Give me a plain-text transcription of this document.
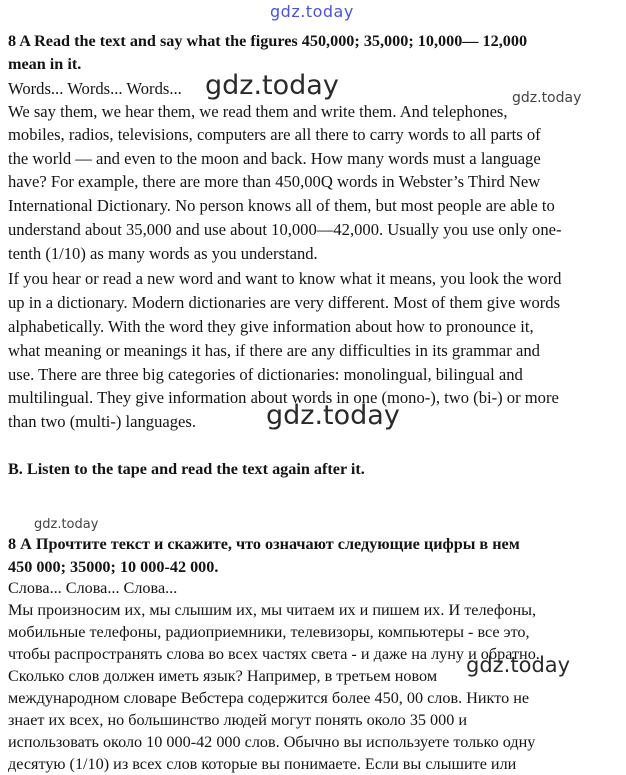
gdz.today
8 A Read the text and say what the figures 450,000; 35,000; 10,000— 12,000
mean in it.
Words... Words... Words... gdz.today	gdz.today
We say them, we hear them, we read them and write them. And telephones,
mobiles, radios, televisions, computers are all there to carry words to all parts of
the world — and even to the moon and back. How many words must a language
have? For example, there are more than 450,00Q words in Webster’s Third New
International Dictionary. No person knows all of them, but most people are able to
understand about 35,000 and use about 10,000—42,000. Usually you use only one-
tenth (1/10) as many words as you understand.
If you hear or read a new word and want to know what it means, you look the word
up in a dictionary. Modern dictionaries are very different. Most of them give words
alphabetically. With the word they give information about how to pronounce it,
what meaning or meanings it has, if there are any difficulties in its grammar and
use. There are three big categories of dictionaries: monolingual, bilingual and
multilingual. They give information about words in one (mono-), two (bi-) or more
than two (multi-) languages.	gdz.today
B. Listen to the tape and read the text again after it.
gdz.today
8 А Прочтите текст и скажите, что означают следующие цифры в нем
450 000; 35000; 10 000-42 000.
Слова... Слова... Слова...
Мы произносим их, мы слышим их, мы читаем их и пишем их. И телефоны,
мобильные телефоны, радиоприемники, телевизоры, компьютеры - все это,
чтобы распространять слова во всех частях света - и даже на луну и обратно.
Сколько слов должен иметь язык? Например, в третьем новом gdz.today
международном словаре Вебстера содержится более 450, 00 слов. Никто не
знает их всех, но большинство людей могут понять около 35 000 и
использовать около 10 000-42 000 слов. Обычно вы используете только одну
десятую (1/10) из всех слов которые вы понимаете. Если вы слышите или
